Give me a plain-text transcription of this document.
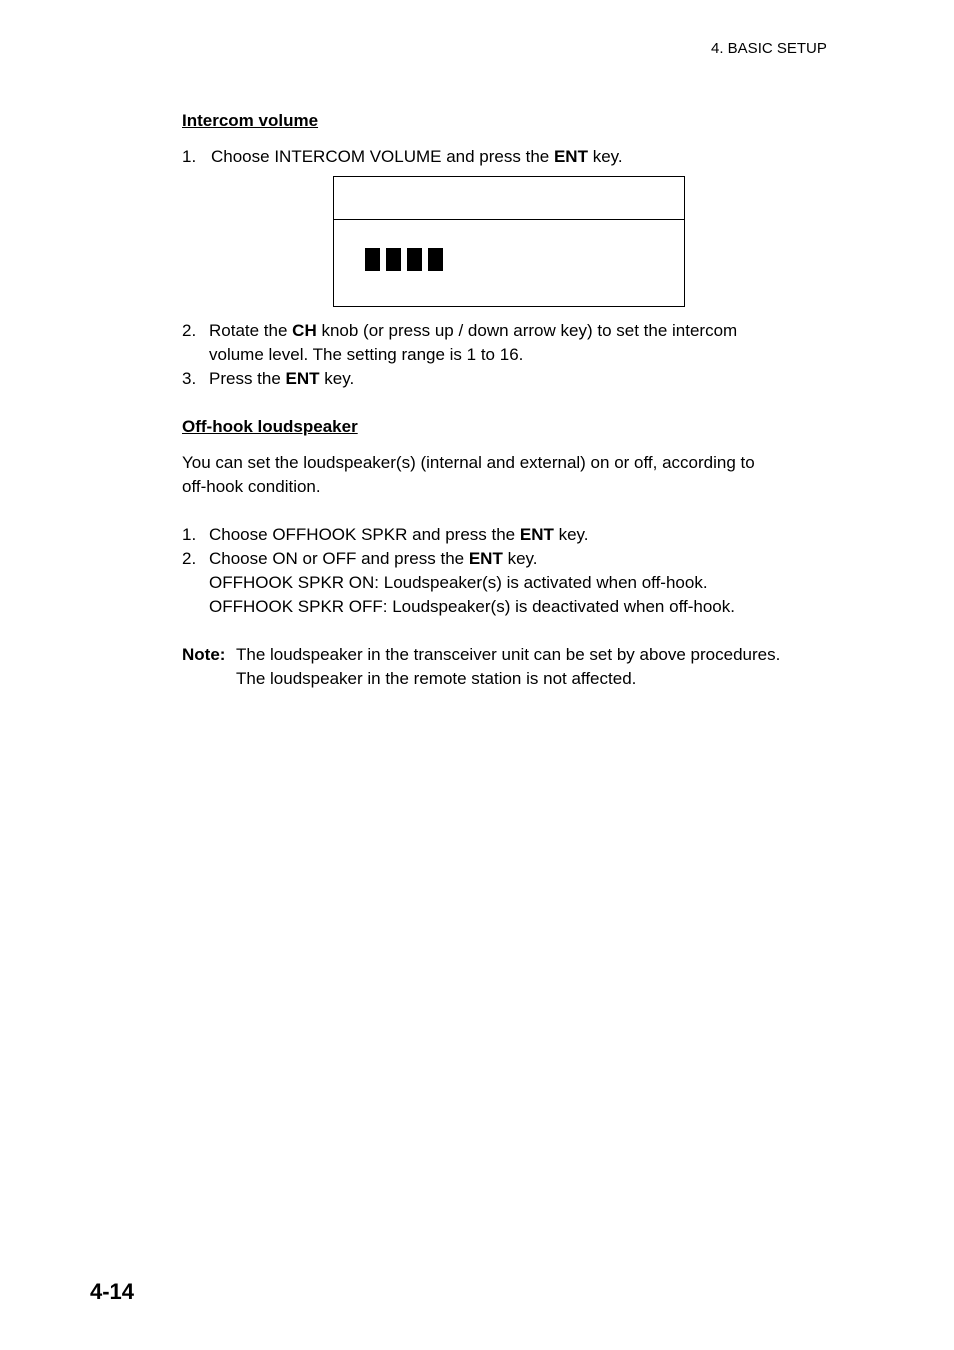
4. BASIC SETUP
Intercom volume
1. Choose INTERCOM VOLUME and press the ENT key.
2. Rotate the CH knob (or press up / down arrow key) to set the intercom
volume level. The setting range is 1 to 16.
3. Press the ENT key.
Off-hook loudspeaker
You can set the loudspeaker(s) (internal and external) on or off, according to
off-hook condition.
1. Choose OFFHOOK SPKR and press the ENT key.
2. Choose ON or OFF and press the ENT key.
OFFHOOK SPKR ON: Loudspeaker(s) is activated when off-hook.
OFFHOOK SPKR OFF: Loudspeaker(s) is deactivated when off-hook.
Note: The loudspeaker in the transceiver unit can be set by above procedures.
The loudspeaker in the remote station is not affected.
4-14
